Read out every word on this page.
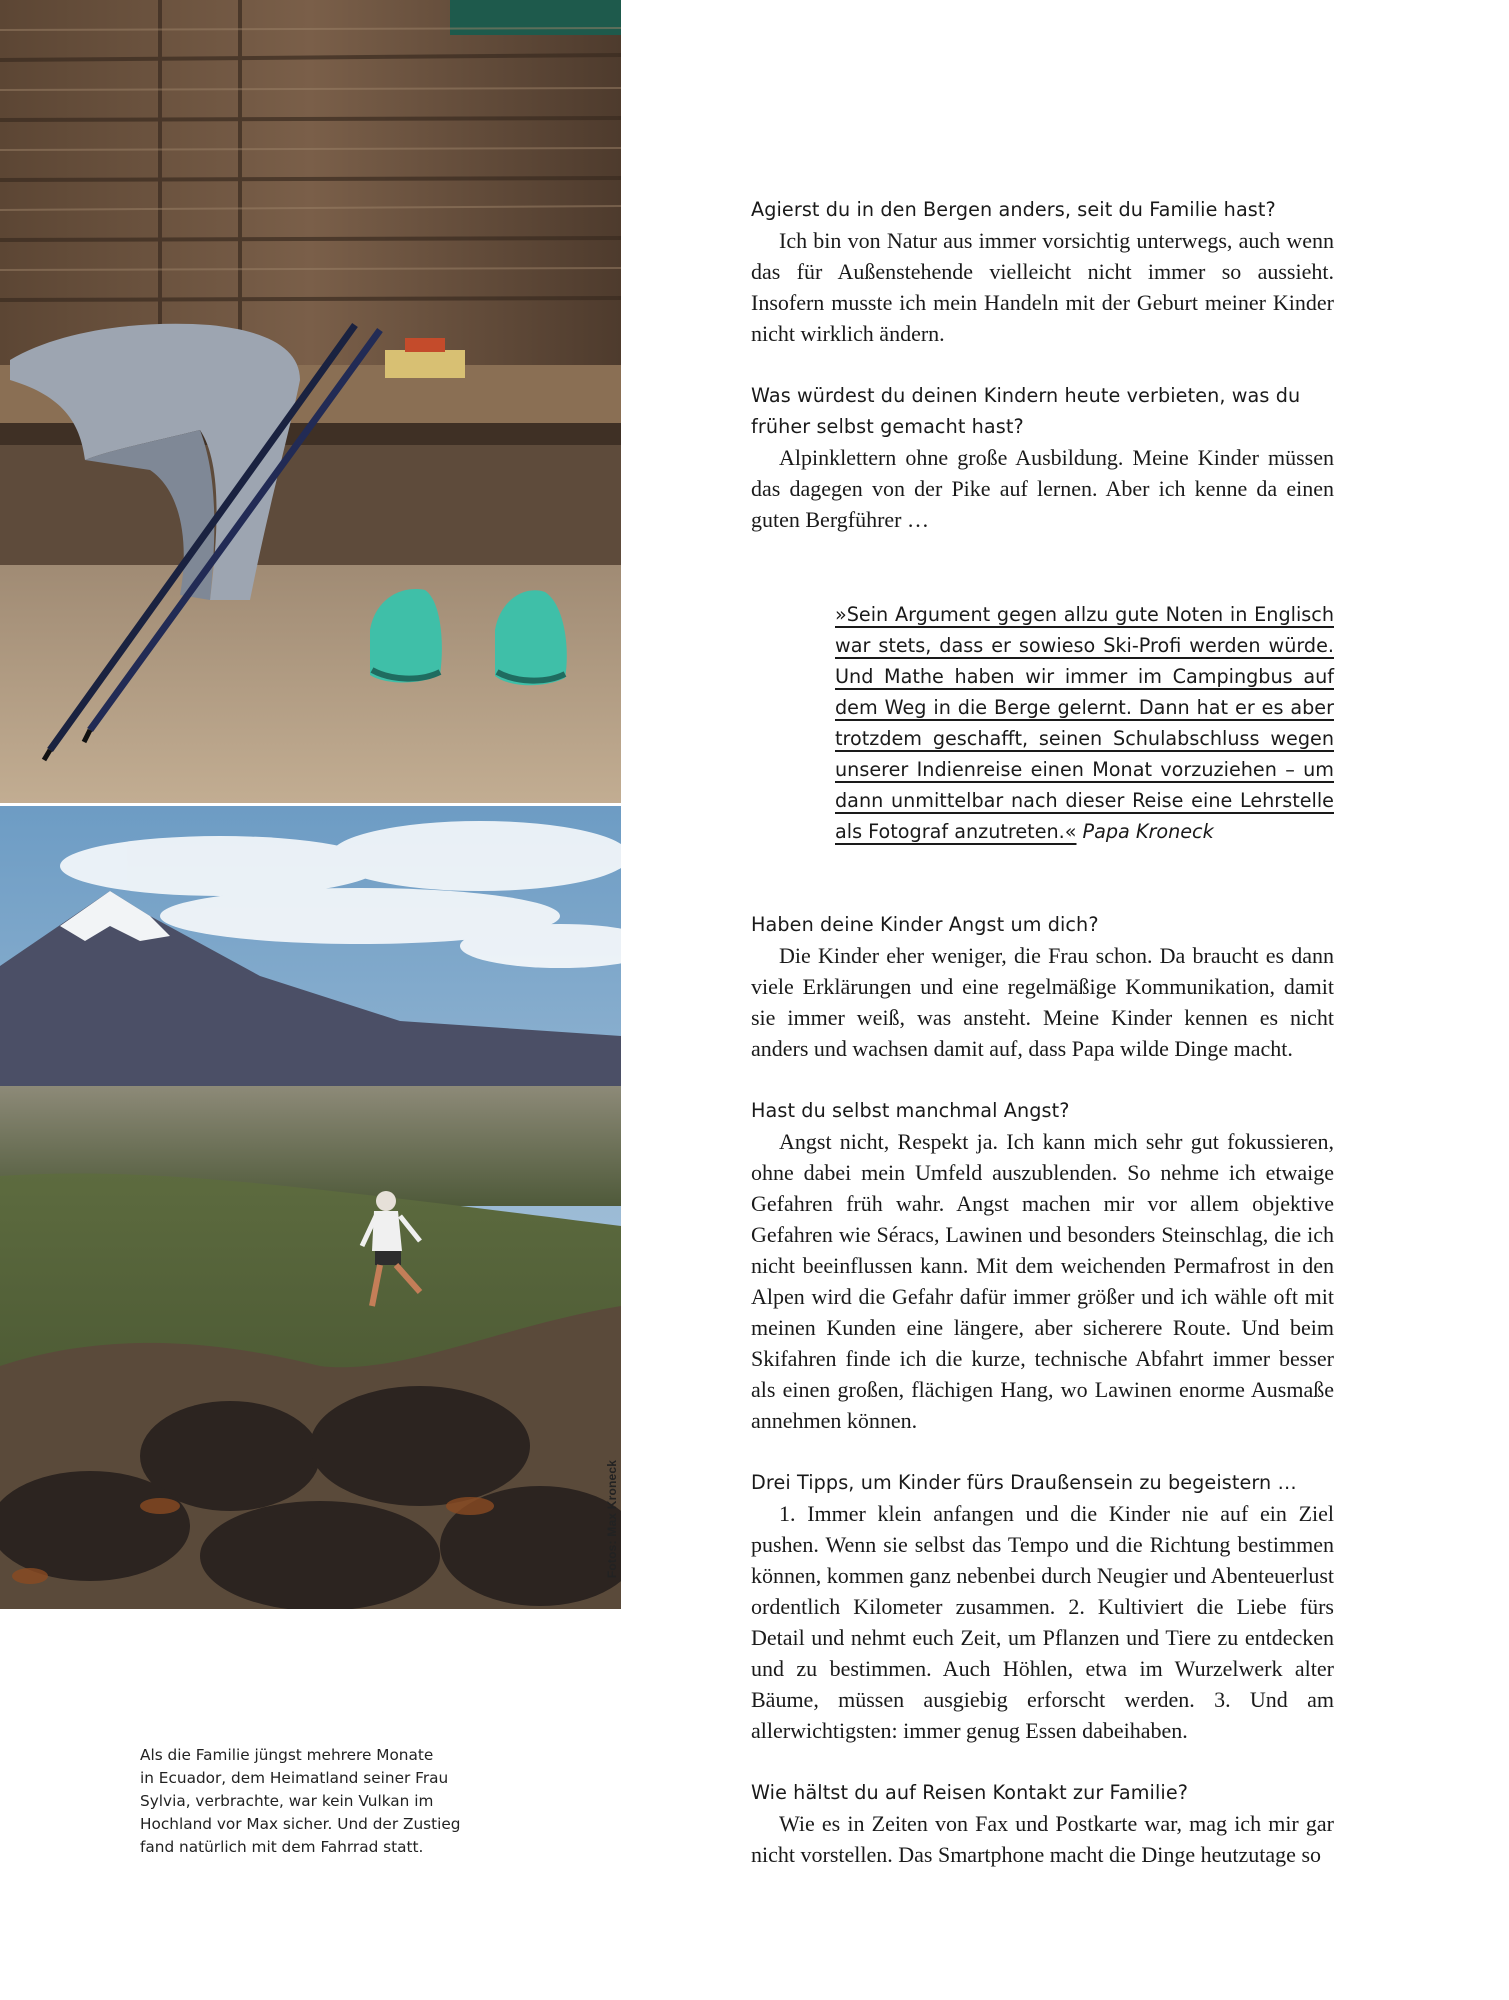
Fotos: Max Kroneck

Als die Familie jüngst mehrere Monate

in Ecuador, dem Heimatland seiner Frau

Sylvia, verbrachte, war kein Vulkan im

Hochland vor Max sicher. Und der Zustieg

fand natürlich mit dem Fahrrad statt.

Agierst du in den Bergen anders, seit du Familie hast?

Ich bin von Natur aus immer vorsichtig unterwegs, auch wenn das für Außenstehende vielleicht nicht immer so aussieht. Insofern musste ich mein Handeln mit der Geburt meiner Kinder nicht wirklich ändern.

Was würdest du deinen Kindern heute verbieten, was du früher selbst gemacht hast?

Alpinklettern ohne große Ausbildung. Meine Kinder müssen das dagegen von der Pike auf lernen. Aber ich kenne da einen guten Bergführer …

»Sein Argument gegen allzu gute Noten in Englisch war stets, dass er sowieso Ski-Profi werden würde. Und Mathe haben wir immer im Campingbus auf dem Weg in die Berge gelernt. Dann hat er es aber trotzdem geschafft, seinen Schulabschluss wegen unserer Indienreise einen Monat vorzuziehen – um dann unmittelbar nach dieser Reise eine Lehrstelle als Fotograf anzutreten.« Papa Kroneck

Haben deine Kinder Angst um dich?

Die Kinder eher weniger, die Frau schon. Da braucht es dann viele Erklärungen und eine regelmäßige Kommunikation, damit sie immer weiß, was ansteht. Meine Kinder kennen es nicht anders und wachsen damit auf, dass Papa wilde Dinge macht.

Hast du selbst manchmal Angst?

Angst nicht, Respekt ja. Ich kann mich sehr gut fokussieren, ohne dabei mein Umfeld auszublenden. So nehme ich etwaige Gefahren früh wahr. Angst machen mir vor allem objektive Gefahren wie Séracs, Lawinen und besonders Steinschlag, die ich nicht beeinflussen kann. Mit dem weichenden Permafrost in den Alpen wird die Gefahr dafür immer größer und ich wähle oft mit meinen Kunden eine längere, aber sicherere Route. Und beim Skifahren finde ich die kurze, technische Abfahrt immer besser als einen großen, flächigen Hang, wo Lawinen enorme Ausmaße annehmen können.

Drei Tipps, um Kinder fürs Draußensein zu begeistern …

1. Immer klein anfangen und die Kinder nie auf ein Ziel pushen. Wenn sie selbst das Tempo und die Richtung bestimmen können, kommen ganz nebenbei durch Neugier und Abenteuerlust ordentlich Kilometer zusammen. 2. Kultiviert die Liebe fürs Detail und nehmt euch Zeit, um Pflanzen und Tiere zu entdecken und zu bestimmen. Auch Höhlen, etwa im Wurzelwerk alter Bäume, müssen ausgiebig erforscht werden. 3. Und am allerwichtigsten: immer genug Essen dabeihaben.

Wie hältst du auf Reisen Kontakt zur Familie?

Wie es in Zeiten von Fax und Postkarte war, mag ich mir gar nicht vorstellen. Das Smartphone macht die Dinge heutzutage so
